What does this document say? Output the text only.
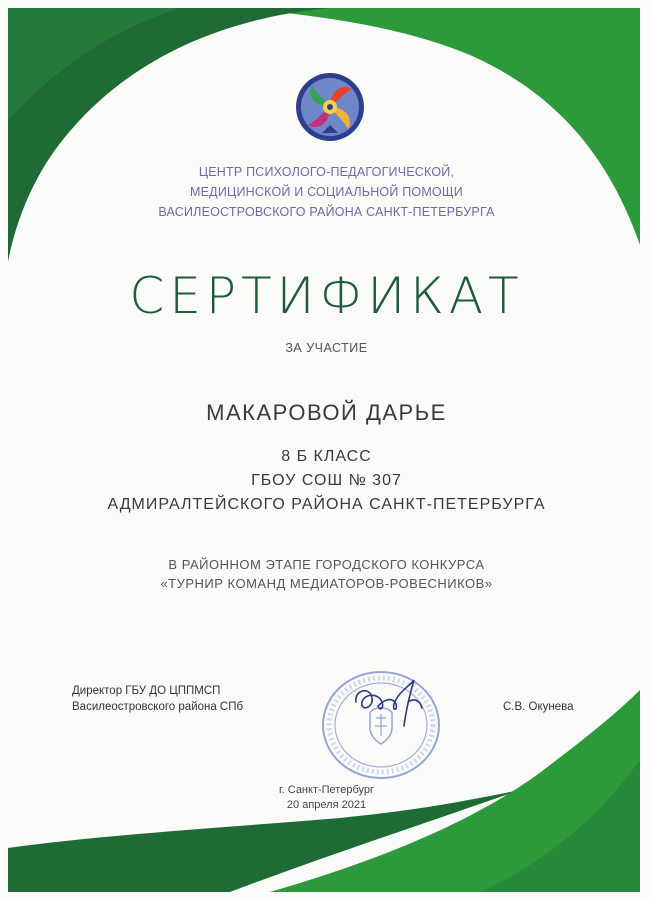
ЦЕНТР ПСИХОЛОГО-ПЕДАГОГИЧЕСКОЙ,
МЕДИЦИНСКОЙ И СОЦИАЛЬНОЙ ПОМОЩИ
ВАСИЛЕОСТРОВСКОГО РАЙОНА САНКТ-ПЕТЕРБУРГА
СЕРТИФИКАТ
ЗА УЧАСТИЕ
МАКАРОВОЙ ДАРЬЕ
8 Б КЛАСС
ГБОУ СОШ № 307
АДМИРАЛТЕЙСКОГО РАЙОНА САНКТ-ПЕТЕРБУРГА
В РАЙОННОМ ЭТАПЕ ГОРОДСКОГО КОНКУРСА
«ТУРНИР КОМАНД МЕДИАТОРОВ-РОВЕСНИКОВ»
Директор ГБУ ДО ЦППМСП
Василеостровского района СПб	С.В. Окунева
г. Санкт-Петербург
20 апреля 2021
